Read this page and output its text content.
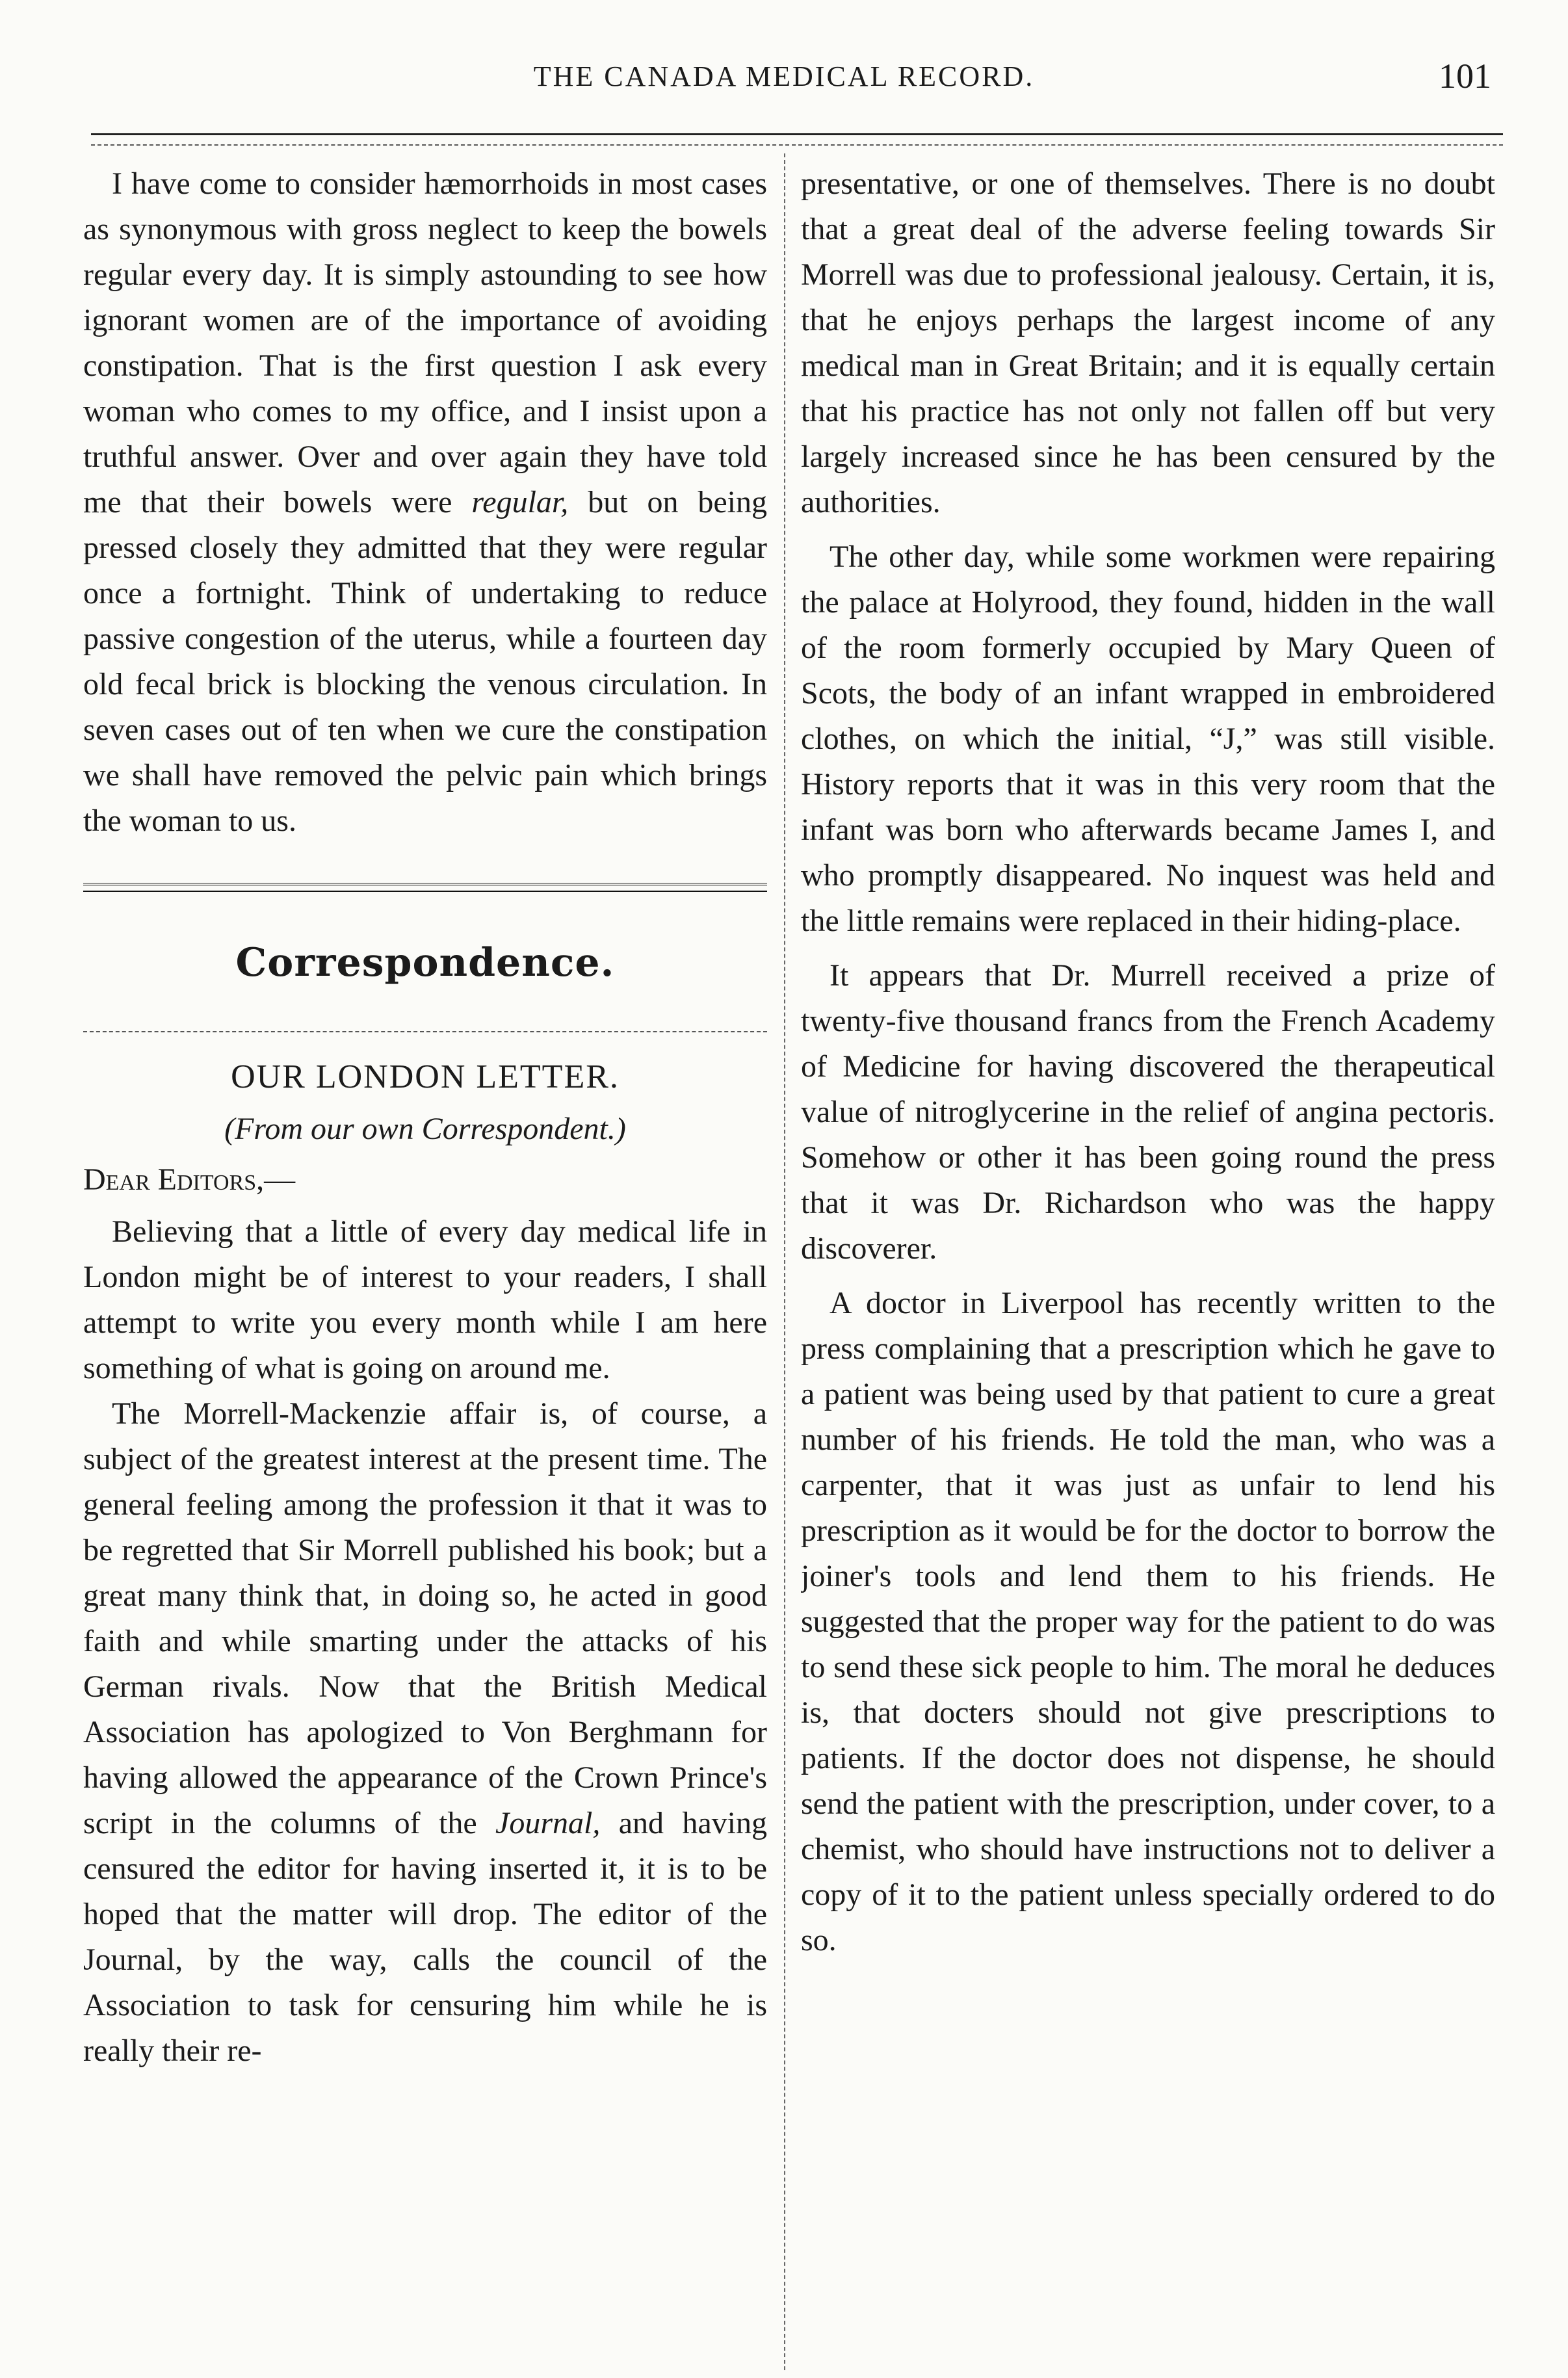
THE CANADA MEDICAL RECORD.	101

I have come to consider hæmorrhoids in most cases as synonymous with gross neglect to keep the bowels regular every day. It is simply astounding to see how ignorant women are of the importance of avoiding constipation. That is the first question I ask every woman who comes to my office, and I insist upon a truthful answer. Over and over again they have told me that their bowels were regular, but on being pressed closely they admitted that they were regular once a fortnight. Think of undertaking to reduce passive congestion of the uterus, while a fourteen day old fecal brick is blocking the venous circulation. In seven cases out of ten when we cure the constipation we shall have removed the pelvic pain which brings the woman to us.

Correspondence.
OUR LONDON LETTER.
(From our own Correspondent.)
Dear Editors,—

Believing that a little of every day medical life in London might be of interest to your readers, I shall attempt to write you every month while I am here something of what is going on around me.

The Morrell-Mackenzie affair is, of course, a subject of the greatest interest at the present time. The general feeling among the profession it that it was to be regretted that Sir Morrell published his book; but a great many think that, in doing so, he acted in good faith and while smarting under the attacks of his German rivals. Now that the British Medical Association has apologized to Von Berghmann for having allowed the appearance of the Crown Prince's script in the columns of the Journal, and having censured the editor for having inserted it, it is to be hoped that the matter will drop. The editor of the Journal, by the way, calls the council of the Association to task for censuring him while he is really their re-

presentative, or one of themselves. There is no doubt that a great deal of the adverse feeling towards Sir Morrell was due to professional jealousy. Certain, it is, that he enjoys perhaps the largest income of any medical man in Great Britain; and it is equally certain that his practice has not only not fallen off but very largely increased since he has been censured by the authorities.

The other day, while some workmen were repairing the palace at Holyrood, they found, hidden in the wall of the room formerly occupied by Mary Queen of Scots, the body of an infant wrapped in embroidered clothes, on which the initial, “J,” was still visible. History reports that it was in this very room that the infant was born who afterwards became James I, and who promptly disappeared. No inquest was held and the little remains were replaced in their hiding-place.

It appears that Dr. Murrell received a prize of twenty-five thousand francs from the French Academy of Medicine for having discovered the therapeutical value of nitroglycerine in the relief of angina pectoris. Somehow or other it has been going round the press that it was Dr. Richardson who was the happy discoverer.

A doctor in Liverpool has recently written to the press complaining that a prescription which he gave to a patient was being used by that patient to cure a great number of his friends. He told the man, who was a carpenter, that it was just as unfair to lend his prescription as it would be for the doctor to borrow the joiner's tools and lend them to his friends. He suggested that the proper way for the patient to do was to send these sick people to him. The moral he deduces is, that docters should not give prescriptions to patients. If the doctor does not dispense, he should send the patient with the prescription, under cover, to a chemist, who should have instructions not to deliver a copy of it to the patient unless specially ordered to do so.
